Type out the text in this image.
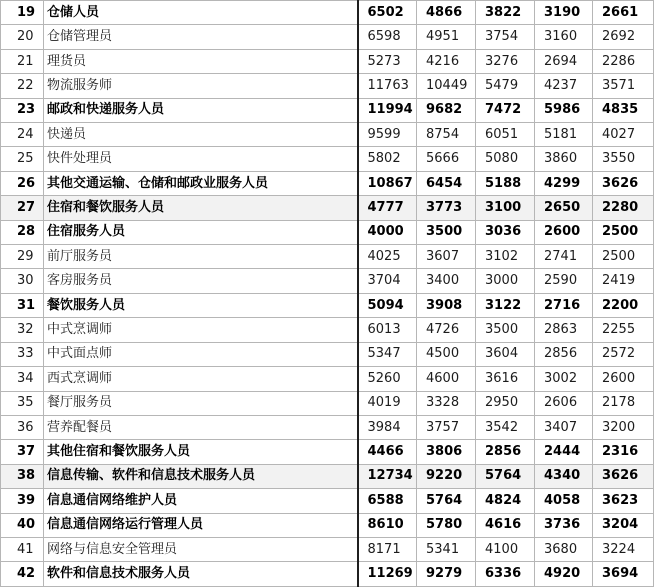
19	仓储人员	6502	4866	3822	3190	2661
20	仓储管理员	6598	4951	3754	3160	2692
21	理货员	5273	4216	3276	2694	2286
22	物流服务师	11763	10449	5479	4237	3571
23	邮政和快递服务人员	11994	9682	7472	5986	4835
24	快递员	9599	8754	6051	5181	4027
25	快件处理员	5802	5666	5080	3860	3550
26	其他交通运输、仓储和邮政业服务人员	10867	6454	5188	4299	3626
27	住宿和餐饮服务人员	4777	3773	3100	2650	2280
28	住宿服务人员	4000	3500	3036	2600	2500
29	前厅服务员	4025	3607	3102	2741	2500
30	客房服务员	3704	3400	3000	2590	2419
31	餐饮服务人员	5094	3908	3122	2716	2200
32	中式烹调师	6013	4726	3500	2863	2255
33	中式面点师	5347	4500	3604	2856	2572
34	西式烹调师	5260	4600	3616	3002	2600
35	餐厅服务员	4019	3328	2950	2606	2178
36	营养配餐员	3984	3757	3542	3407	3200
37	其他住宿和餐饮服务人员	4466	3806	2856	2444	2316
38	信息传输、软件和信息技术服务人员	12734	9220	5764	4340	3626
39	信息通信网络维护人员	6588	5764	4824	4058	3623
40	信息通信网络运行管理人员	8610	5780	4616	3736	3204
41	网络与信息安全管理员	8171	5341	4100	3680	3224
42	软件和信息技术服务人员	11269	9279	6336	4920	3694
